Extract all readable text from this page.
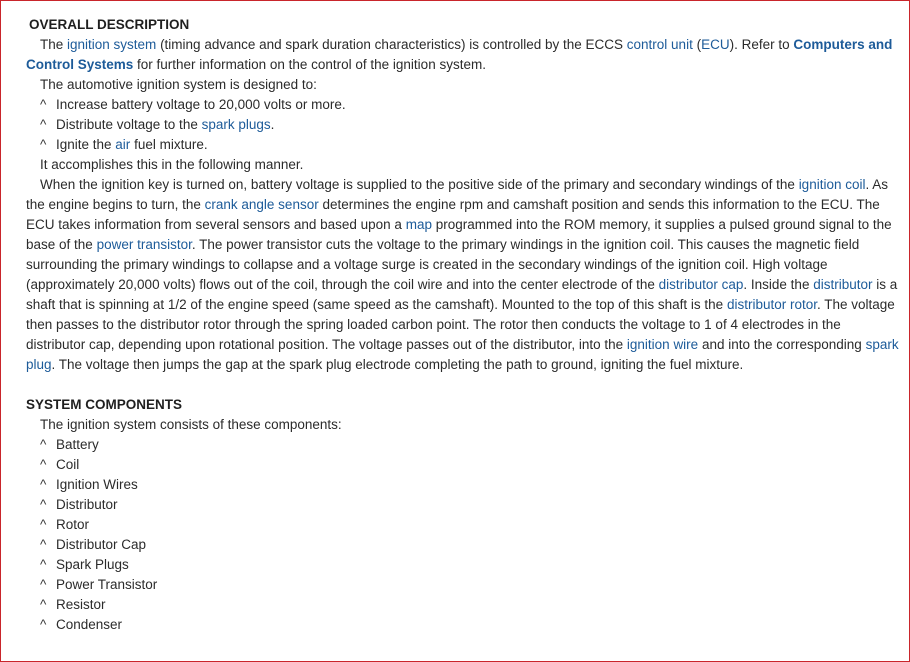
OVERALL DESCRIPTION

The ignition system (timing advance and spark duration characteristics) is controlled by the ECCS control unit (ECU). Refer to Computers and Control Systems for further information on the control of the ignition system.

The automotive ignition system is designed to:

^ Increase battery voltage to 20,000 volts or more.
^ Distribute voltage to the spark plugs.
^ Ignite the air fuel mixture.

It accomplishes this in the following manner.

When the ignition key is turned on, battery voltage is supplied to the positive side of the primary and secondary windings of the ignition coil. As the engine begins to turn, the crank angle sensor determines the engine rpm and camshaft position and sends this information to the ECU. The ECU takes information from several sensors and based upon a map programmed into the ROM memory, it supplies a pulsed ground signal to the base of the power transistor. The power transistor cuts the voltage to the primary windings in the ignition coil. This causes the magnetic field surrounding the primary windings to collapse and a voltage surge is created in the secondary windings of the ignition coil. High voltage (approximately 20,000 volts) flows out of the coil, through the coil wire and into the center electrode of the distributor cap. Inside the distributor is a shaft that is spinning at 1/2 of the engine speed (same speed as the camshaft). Mounted to the top of this shaft is the distributor rotor. The voltage then passes to the distributor rotor through the spring loaded carbon point. The rotor then conducts the voltage to 1 of 4 electrodes in the distributor cap, depending upon rotational position. The voltage passes out of the distributor, into the ignition wire and into the corresponding spark plug. The voltage then jumps the gap at the spark plug electrode completing the path to ground, igniting the fuel mixture.

SYSTEM COMPONENTS

The ignition system consists of these components:

^ Battery
^ Coil
^ Ignition Wires
^ Distributor
^ Rotor
^ Distributor Cap
^ Spark Plugs
^ Power Transistor
^ Resistor
^ Condenser
